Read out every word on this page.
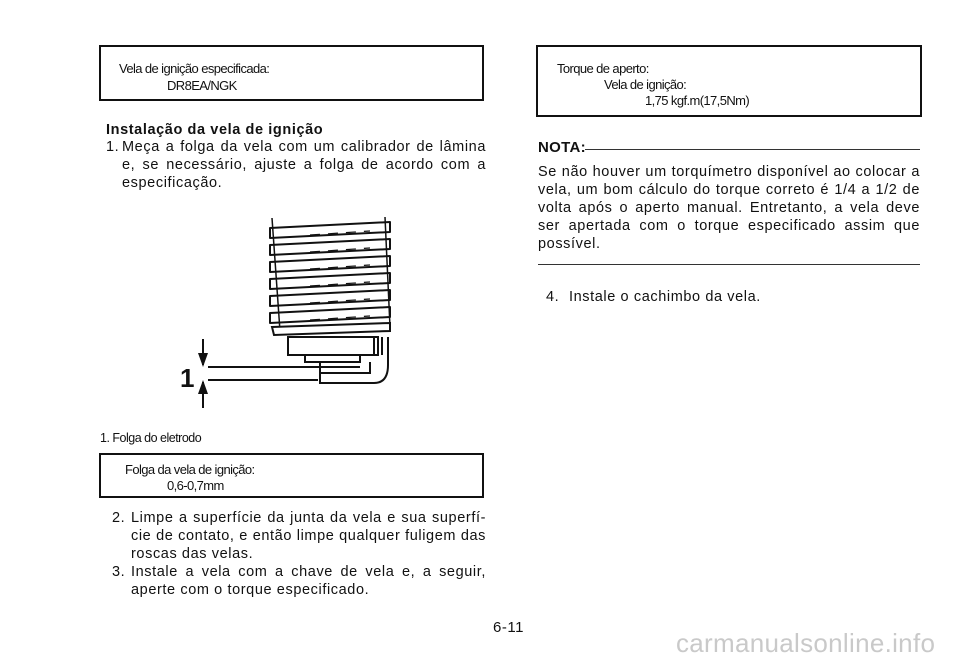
Vela de ignição especificada:
DR8EA/NGK
Instalação da vela de ignição
1. Meça a folga da vela com um calibrador de lâmina e, se necessário, ajuste a folga de acordo com a especificação.
1
1. Folga do eletrodo
Folga da vela de ignição:
0,6-0,7mm
2. Limpe a superfície da junta da vela e sua superfí-cie de contato, e então limpe qualquer fuligem das roscas das velas.
3. Instale a vela com a chave de vela e, a seguir, aperte com o torque especificado.
Torque de aperto:
Vela de ignição:
1,75 kgf.m(17,5Nm)
NOTA:

Se não houver um torquímetro disponível ao colocar a vela, um bom cálculo do torque correto é 1/4 a 1/2 de volta após o aperto manual. Entretanto, a vela deve ser apertada com o torque especificado assim que possível.

4. Instale o cachimbo da vela.
6-11
carmanualsonline.info
